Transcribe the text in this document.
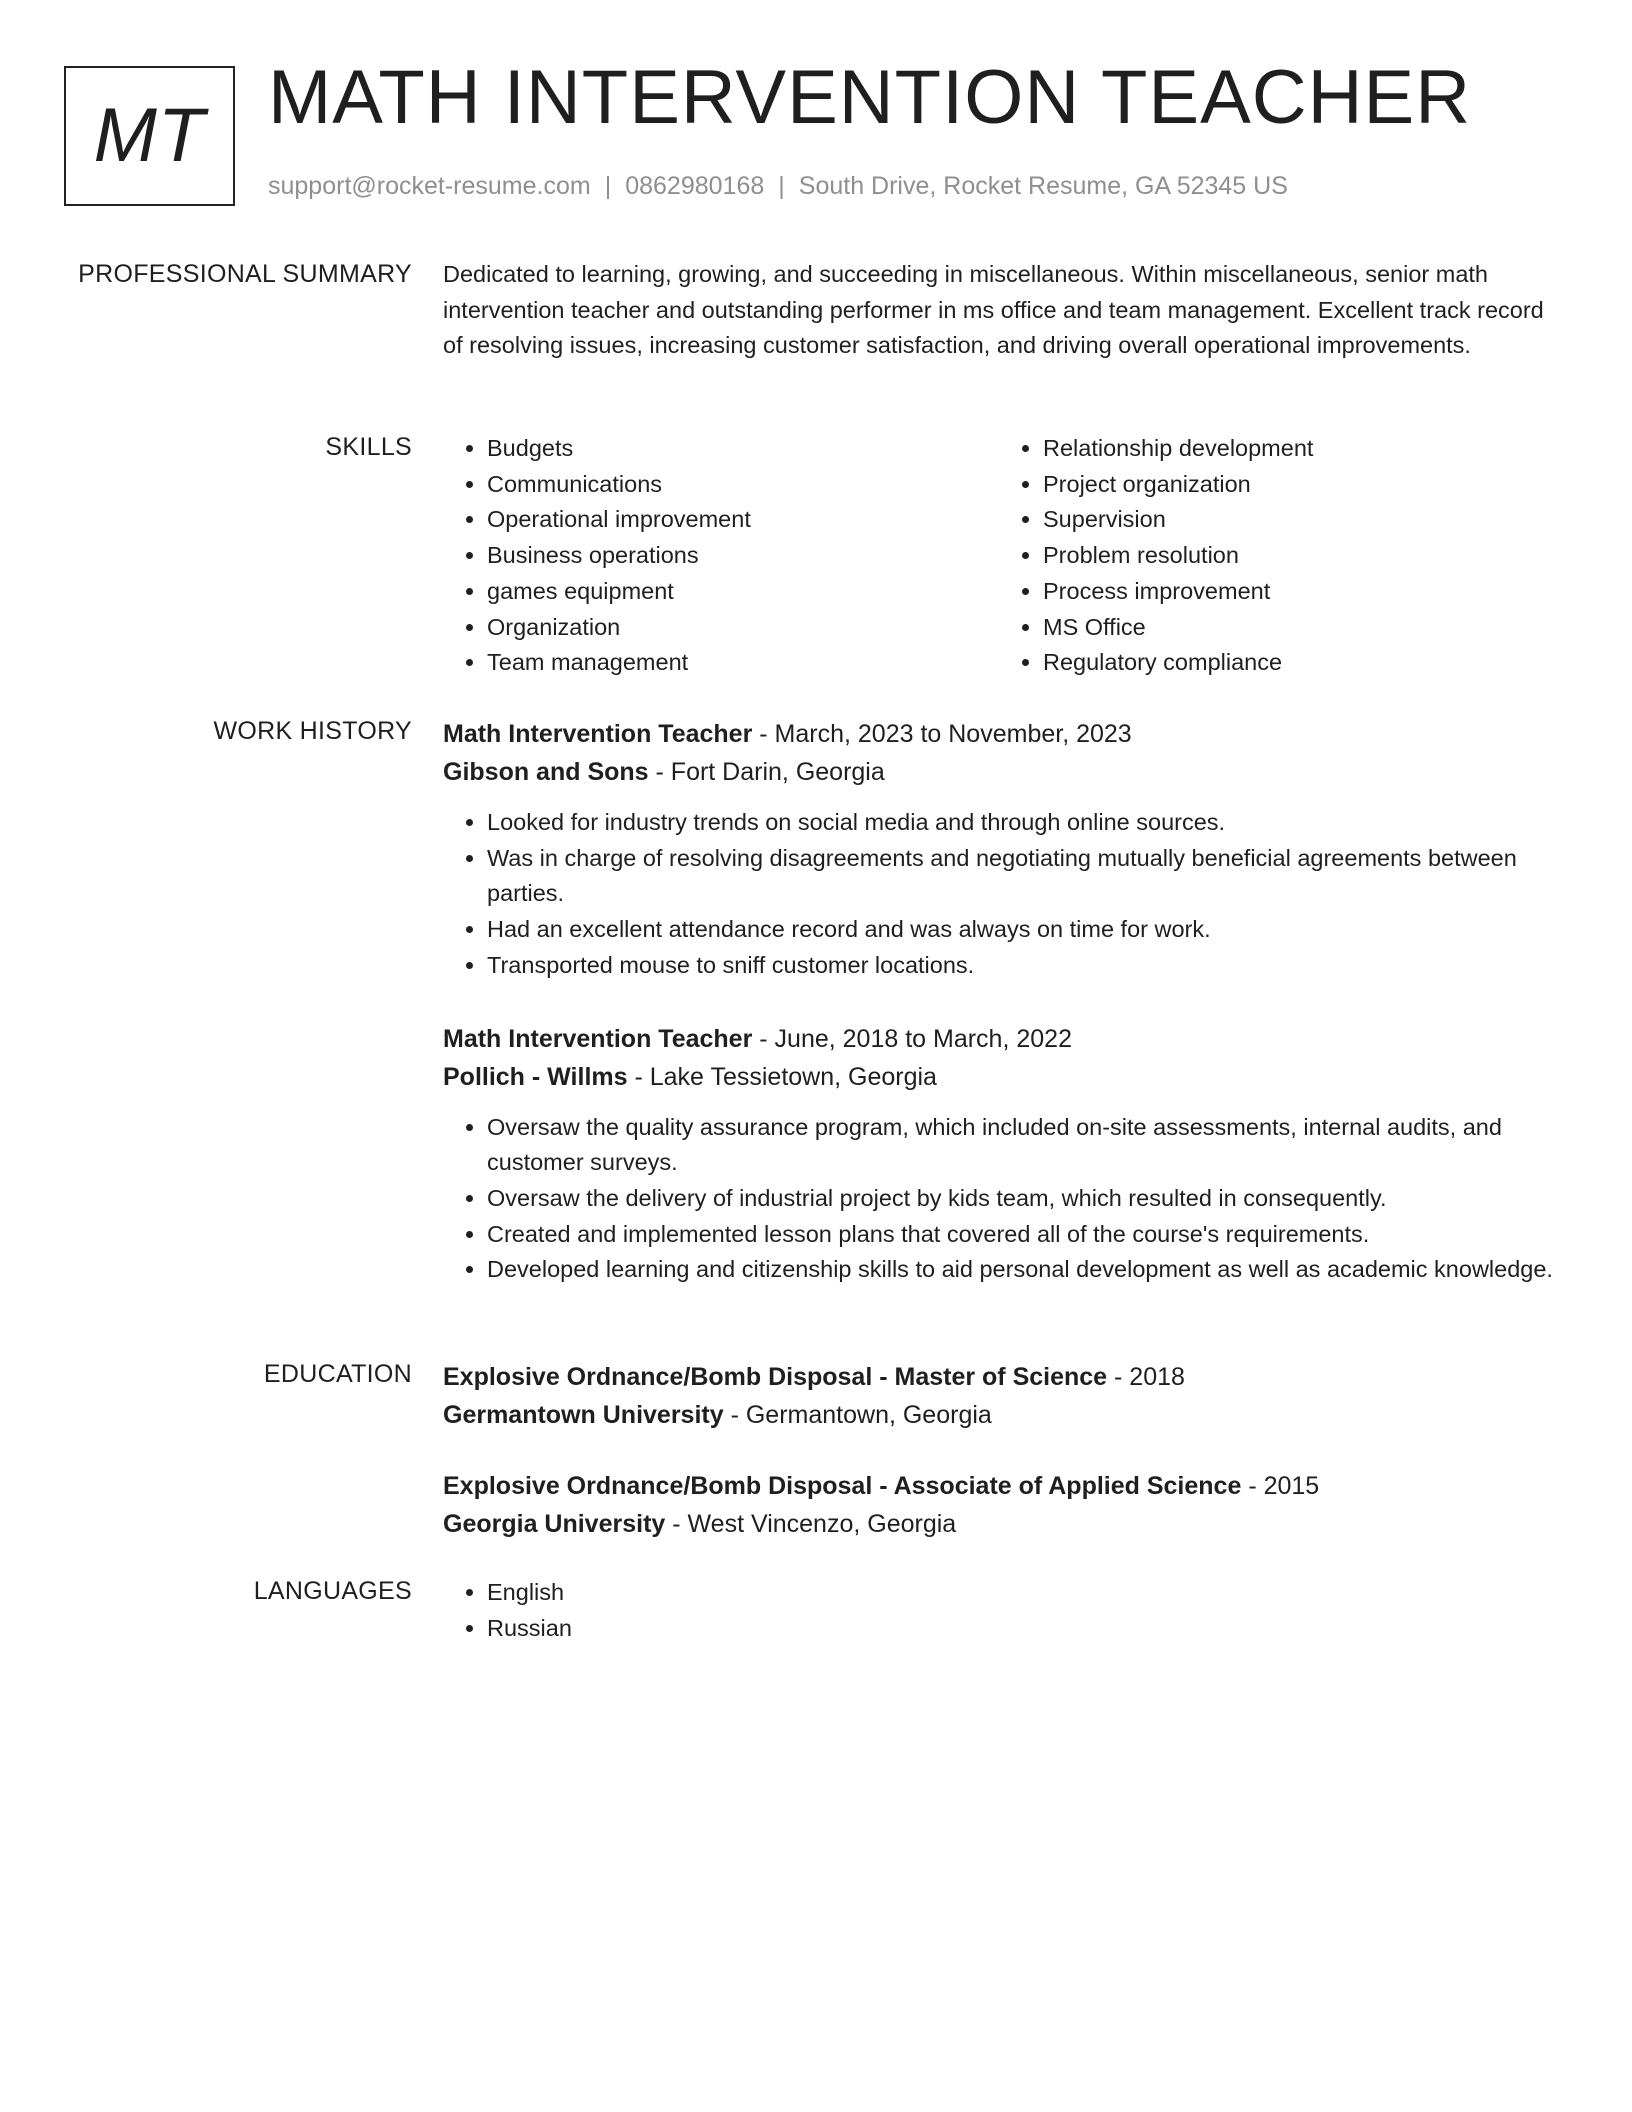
MT MATH INTERVENTION TEACHER
support@rocket-resume.com | 0862980168 | South Drive, Rocket Resume, GA 52345 US
PROFESSIONAL SUMMARY Dedicated to learning, growing, and succeeding in miscellaneous. Within miscellaneous, senior math intervention teacher and outstanding performer in ms office and team management. Excellent track record of resolving issues, increasing customer satisfaction, and driving overall operational improvements.

SKILLS	• Budgets
• Communications
• Operational improvement
• Business operations
• games equipment
• Organization
• Team management
• Relationship development
• Project organization
• Supervision
• Problem resolution
• Process improvement
• MS Office
• Regulatory compliance
WORK HISTORY Math Intervention Teacher - March, 2023 to November, 2023
Gibson and Sons - Fort Darin, Georgia
• Looked for industry trends on social media and through online sources.
• Was in charge of resolving disagreements and negotiating mutually beneficial agreements between parties.
• Had an excellent attendance record and was always on time for work.
• Transported mouse to sniff customer locations.
Math Intervention Teacher - June, 2018 to March, 2022
Pollich - Willms - Lake Tessietown, Georgia
• Oversaw the quality assurance program, which included on-site assessments, internal audits, and customer surveys.
• Oversaw the delivery of industrial project by kids team, which resulted in consequently.
• Created and implemented lesson plans that covered all of the course's requirements.
• Developed learning and citizenship skills to aid personal development as well as academic knowledge.
EDUCATION Explosive Ordnance/Bomb Disposal - Master of Science - 2018
Germantown University - Germantown, Georgia
Explosive Ordnance/Bomb Disposal - Associate of Applied Science - 2015
Georgia University - West Vincenzo, Georgia
LANGUAGES	• English
• Russian
